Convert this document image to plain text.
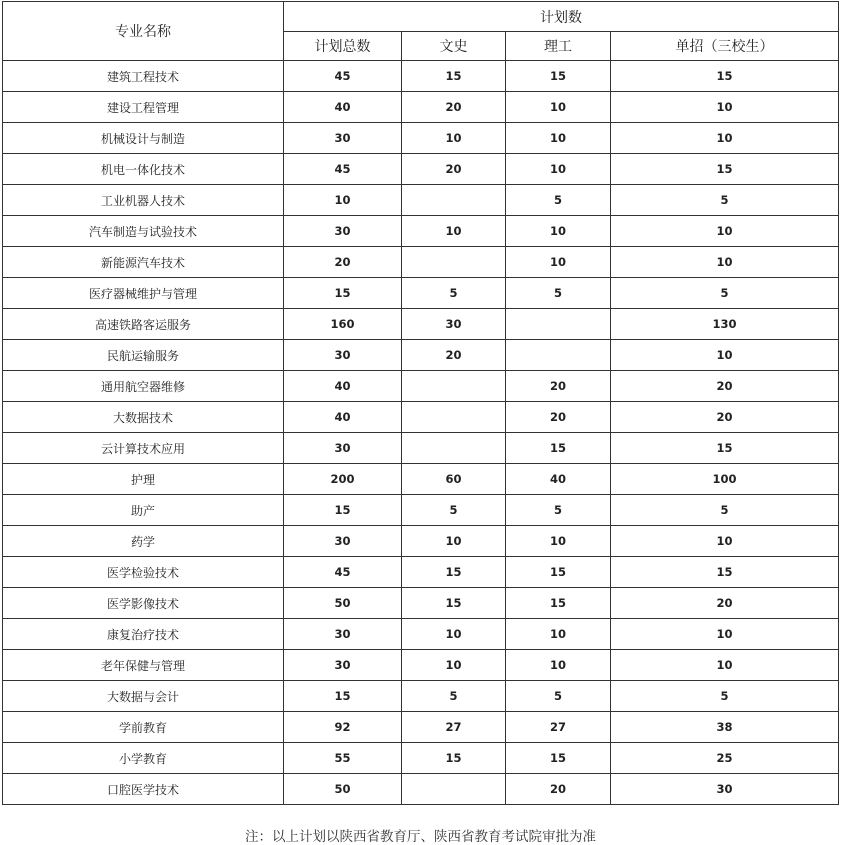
专业名称	计划数			
	计划总数	文史	理工	单招（三校生）
建筑工程技术	45	15	15	15
建设工程管理	40	20	10	10
机械设计与制造	30	10	10	10
机电一体化技术	45	20	10	15
工业机器人技术	10		5	5
汽车制造与试验技术	30	10	10	10
新能源汽车技术	20		10	10
医疗器械维护与管理	15	5	5	5
高速铁路客运服务	160	30		130
民航运输服务	30	20		10
通用航空器维修	40		20	20
大数据技术	40		20	20
云计算技术应用	30		15	15
护理	200	60	40	100
助产	15	5	5	5
药学	30	10	10	10
医学检验技术	45	15	15	15
医学影像技术	50	15	15	20
康复治疗技术	30	10	10	10
老年保健与管理	30	10	10	10
大数据与会计	15	5	5	5
学前教育	92	27	27	38
小学教育	55	15	15	25
口腔医学技术	50		20	30
注：以上计划以陕西省教育厅、陕西省教育考试院审批为准
